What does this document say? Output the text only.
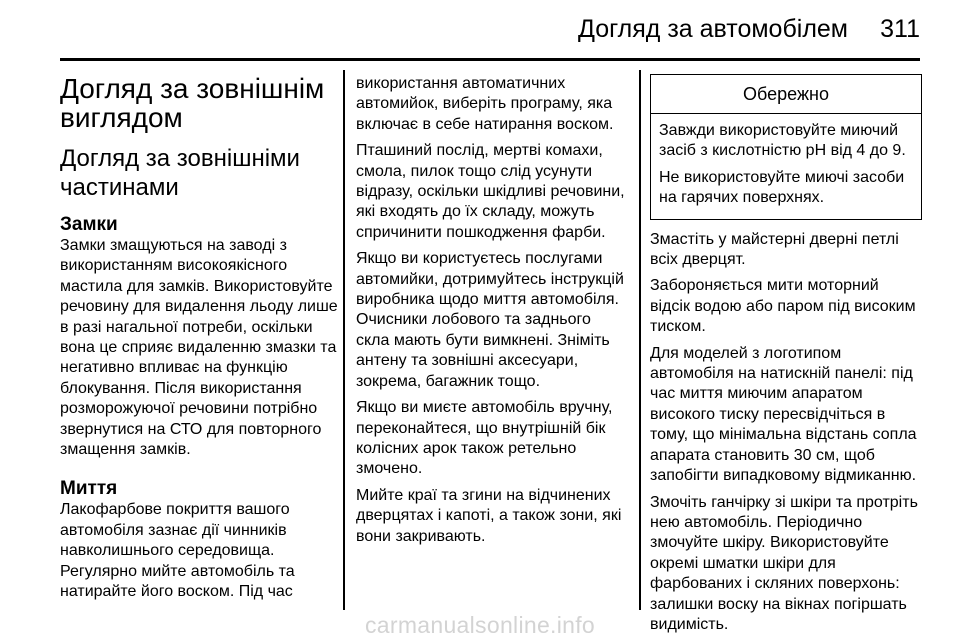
Догляд за автомобілем 311
Догляд за зовнішнім виглядом
Догляд за зовнішніми частинами
Замки

Замки змащуються на заводі з використанням високоякісного мастила для замків. Використовуйте речовину для видалення льоду лише в разі нагальної потреби, оскільки вона це сприяє видаленню змазки та негативно впливає на функцію блокування. Після використання розморожуючої речовини потрібно звернутися на СТО для повторного змащення замків.

Миття

Лакофарбове покриття вашого автомобіля зазнає дії чинників навколишнього середовища. Регулярно мийте автомобіль та натирайте його воском. Під час

використання автоматичних автомийок, виберіть програму, яка включає в себе натирання воском.

Пташиний послід, мертві комахи, смола, пилок тощо слід усунути відразу, оскільки шкідливі речовини, які входять до їх складу, можуть спричинити пошкодження фарби.

Якщо ви користуєтесь послугами автомийки, дотримуйтесь інструкцій виробника щодо миття автомобіля. Очисники лобового та заднього скла мають бути вимкнені. Зніміть антену та зовнішні аксесуари, зокрема, багажник тощо.

Якщо ви миєте автомобіль вручну, переконайтеся, що внутрішній бік колісних арок також ретельно змочено.

Мийте краї та згини на відчинених дверцятах і капоті, а також зони, які вони закривають.

Обережно

Завжди використовуйте миючий засіб з кислотністю pH від 4 до 9.

Не використовуйте миючі засоби на гарячих поверхнях.

Змастіть у майстерні дверні петлі всіх дверцят.

Забороняється мити моторний відсік водою або паром під високим тиском.

Для моделей з логотипом автомобіля на натискній панелі: під час миття миючим апаратом високого тиску пересвідчіться в тому, що мінімальна відстань сопла апарата становить 30 см, щоб запобігти випадковому відмиканню.

Змочіть ганчірку зі шкіри та протріть нею автомобіль. Періодично змочуйте шкіру. Використовуйте окремі шматки шкіри для фарбованих і скляних поверхонь: залишки воску на вікнах погіршать видимість.

carmanualsonline.info
